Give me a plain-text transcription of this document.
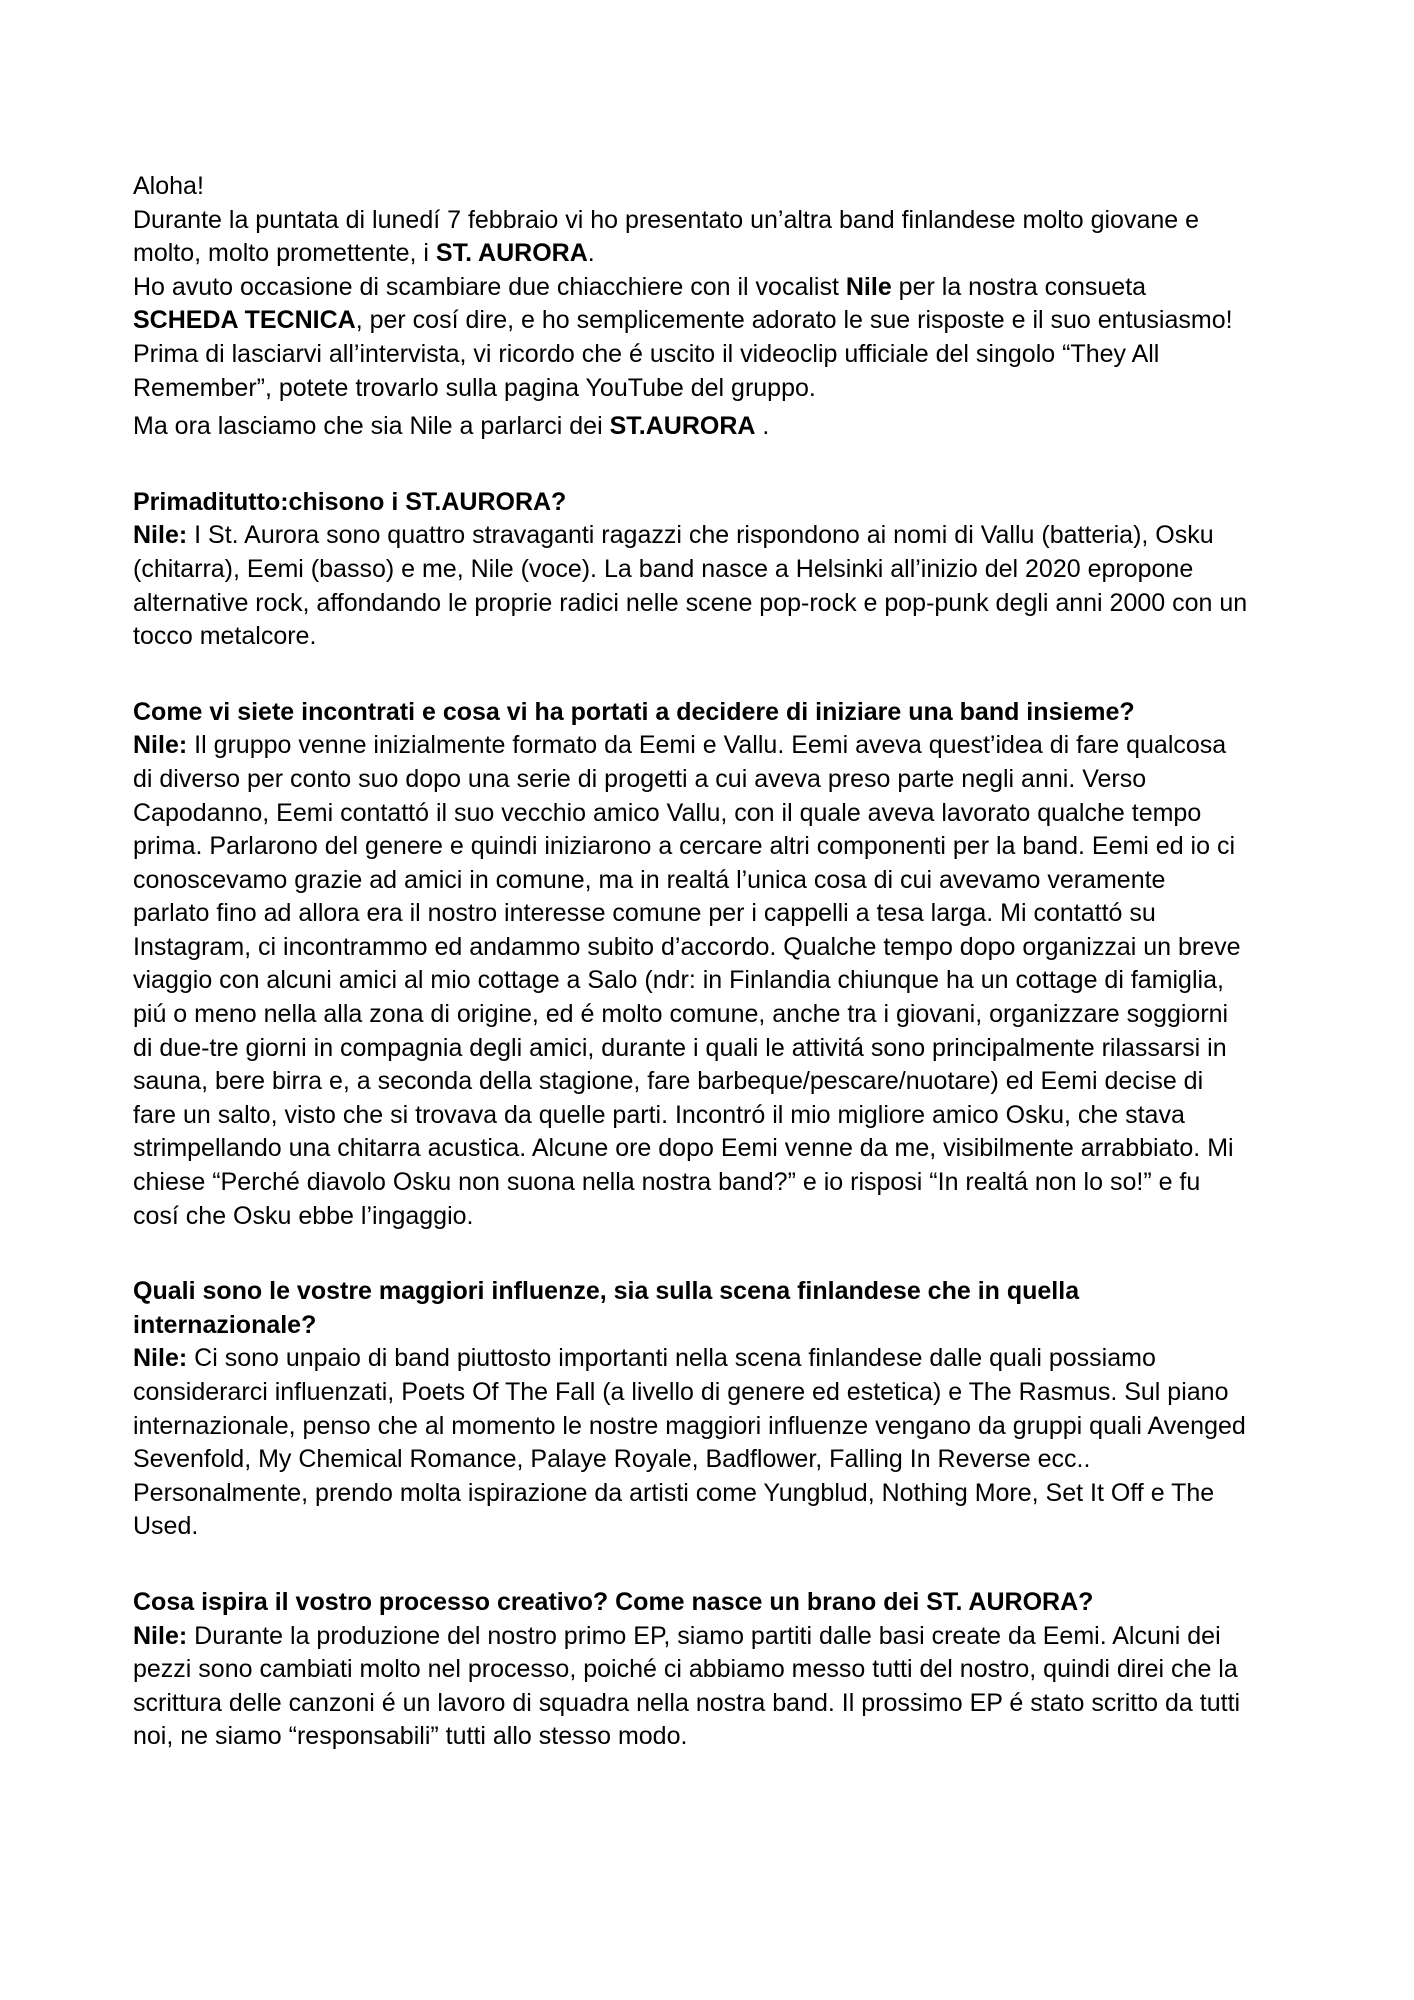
Aloha!

Durante la puntata di lunedí 7 febbraio vi ho presentato un’altra band finlandese molto giovane e molto, molto promettente, i ST. AURORA.

Ho avuto occasione di scambiare due chiacchiere con il vocalist Nile per la nostra consueta SCHEDA TECNICA, per cosí dire, e ho semplicemente adorato le sue risposte e il suo entusiasmo!

Prima di lasciarvi all’intervista, vi ricordo che é uscito il videoclip ufficiale del singolo “They All Remember”, potete trovarlo sulla pagina YouTube del gruppo.

Ma ora lasciamo che sia Nile a parlarci dei ST.AURORA .

Primaditutto:chisono i ST.AURORA?

Nile: I St. Aurora sono quattro stravaganti ragazzi che rispondono ai nomi di Vallu (batteria), Osku (chitarra), Eemi (basso) e me, Nile (voce). La band nasce a Helsinki all’inizio del 2020 epropone alternative rock, affondando le proprie radici nelle scene pop-rock e pop-punk degli anni 2000 con un tocco metalcore.

Come vi siete incontrati e cosa vi ha portati a decidere di iniziare una band insieme?

Nile: Il gruppo venne inizialmente formato da Eemi e Vallu. Eemi aveva quest’idea di fare qualcosa di diverso per conto suo dopo una serie di progetti a cui aveva preso parte negli anni. Verso Capodanno, Eemi contattó il suo vecchio amico Vallu, con il quale aveva lavorato qualche tempo prima. Parlarono del genere e quindi iniziarono a cercare altri componenti per la band. Eemi ed io ci conoscevamo grazie ad amici in comune, ma in realtá l’unica cosa di cui avevamo veramente parlato fino ad allora era il nostro interesse comune per i cappelli a tesa larga. Mi contattó su Instagram, ci incontrammo ed andammo subito d’accordo. Qualche tempo dopo organizzai un breve viaggio con alcuni amici al mio cottage a Salo (ndr: in Finlandia chiunque ha un cottage di famiglia, piú o meno nella alla zona di origine, ed é molto comune, anche tra i giovani, organizzare soggiorni di due-tre giorni in compagnia degli amici, durante i quali le attivitá sono principalmente rilassarsi in sauna, bere birra e, a seconda della stagione, fare barbeque/pescare/nuotare) ed Eemi decise di fare un salto, visto che si trovava da quelle parti. Incontró il mio migliore amico Osku, che stava strimpellando una chitarra acustica. Alcune ore dopo Eemi venne da me, visibilmente arrabbiato. Mi chiese “Perché diavolo Osku non suona nella nostra band?” e io risposi “In realtá non lo so!” e fu cosí che Osku ebbe l’ingaggio.

Quali sono le vostre maggiori influenze, sia sulla scena finlandese che in quella internazionale?

Nile: Ci sono unpaio di band piuttosto importanti nella scena finlandese dalle quali possiamo considerarci influenzati, Poets Of The Fall (a livello di genere ed estetica) e The Rasmus. Sul piano internazionale, penso che al momento le nostre maggiori influenze vengano da gruppi quali Avenged Sevenfold, My Chemical Romance, Palaye Royale, Badflower, Falling In Reverse ecc.. Personalmente, prendo molta ispirazione da artisti come Yungblud, Nothing More, Set It Off e The Used.

Cosa ispira il vostro processo creativo? Come nasce un brano dei ST. AURORA?

Nile: Durante la produzione del nostro primo EP, siamo partiti dalle basi create da Eemi. Alcuni dei pezzi sono cambiati molto nel processo, poiché ci abbiamo messo tutti del nostro, quindi direi che la scrittura delle canzoni é un lavoro di squadra nella nostra band. Il prossimo EP é stato scritto da tutti noi, ne siamo “responsabili” tutti allo stesso modo.
